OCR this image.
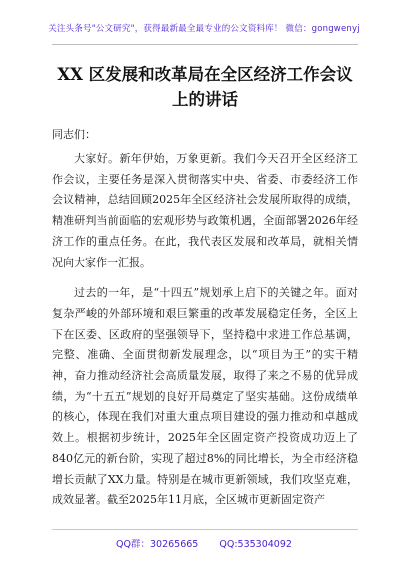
关注头条号"公文研究"，获得最新最全最专业的公文资料库！ 微信：gongwenyj
XX 区发展和改革局在全区经济工作会议
上的讲话
同志们：

大家好。新年伊始，万象更新。我们今天召开全区经济工作会议，主要任务是深入贯彻落实中央、省委、市委经济工作会议精神，总结回顾2025年全区经济社会发展所取得的成绩，精准研判当前面临的宏观形势与政策机遇，全面部署2026年经济工作的重点任务。在此，我代表区发展和改革局，就相关情况向大家作一汇报。

过去的一年，是“十四五”规划承上启下的关键之年。面对复杂严峻的外部环境和艰巨繁重的改革发展稳定任务，全区上下在区委、区政府的坚强领导下，坚持稳中求进工作总基调，完整、准确、全面贯彻新发展理念，以“项目为王”的实干精神，奋力推动经济社会高质量发展，取得了来之不易的优异成绩，为“十五五”规划的良好开局奠定了坚实基础。这份成绩单的核心，体现在我们对重大重点项目建设的强力推动和卓越成效上。根据初步统计，2025年全区固定资产投资成功迈上了840亿元的新台阶，实现了超过8%的同比增长，为全市经济稳增长贡献了XX力量。特别是在城市更新领域，我们攻坚克难，成效显著。截至2025年11月底，全区城市更新固定资产

QQ群：30265665 QQ:535304092
